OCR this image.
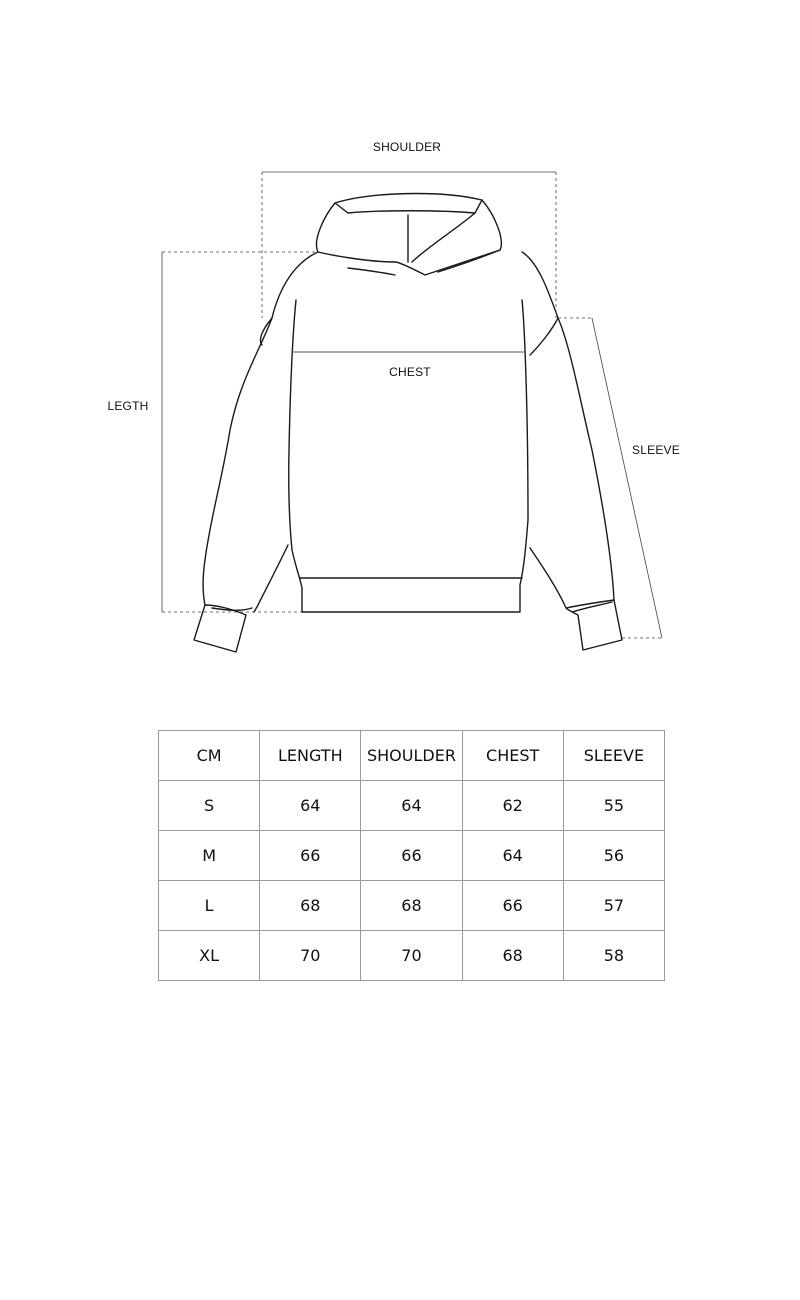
SHOULDER
CHEST
LEGTH
SLEEVE
CM	LENGTH	SHOULDER	CHEST	SLEEVE
S	64	64	62	55
M	66	66	64	56
L	68	68	66	57
XL	70	70	68	58
